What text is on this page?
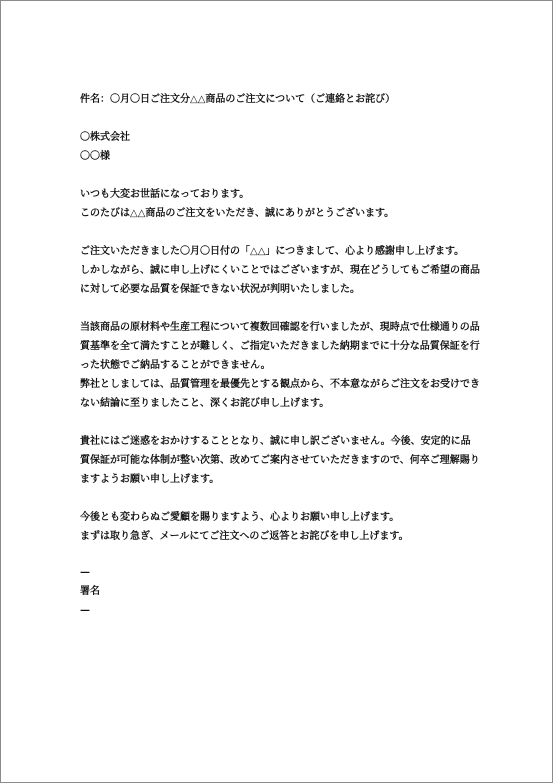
件名：〇月〇日ご注文分△△商品のご注文について（ご連絡とお詫び）

〇株式会社

〇〇様

いつも大変お世話になっております。

このたびは△△商品のご注文をいただき、誠にありがとうございます。

ご注文いただきました〇月〇日付の「△△」につきまして、心より感謝申し上げます。

しかしながら、誠に申し上げにくいことではございますが、現在どうしてもご希望の商品に対して必要な品質を保証できない状況が判明いたしました。

当該商品の原材料や生産工程について複数回確認を行いましたが、現時点で仕様通りの品質基準を全て満たすことが難しく、ご指定いただきました納期までに十分な品質保証を行った状態でご納品することができません。

弊社としましては、品質管理を最優先とする観点から、不本意ながらご注文をお受けできない結論に至りましたこと、深くお詫び申し上げます。

貴社にはご迷惑をおかけすることとなり、誠に申し訳ございません。今後、安定的に品質保証が可能な体制が整い次第、改めてご案内させていただきますので、何卒ご理解賜りますようお願い申し上げます。

今後とも変わらぬご愛顧を賜りますよう、心よりお願い申し上げます。

まずは取り急ぎ、メールにてご注文へのご返答とお詫びを申し上げます。

—

署名

—
